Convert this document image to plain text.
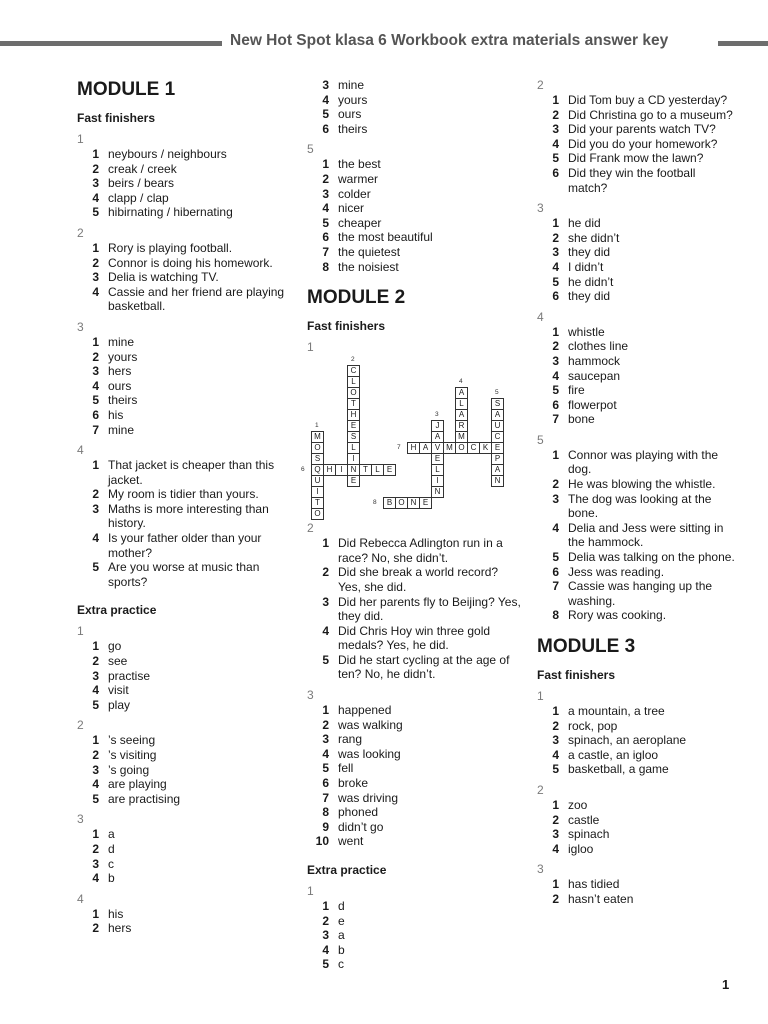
New Hot Spot klasa 6 Workbook extra materials answer key
MODULE 1
Fast finishers
1
1 neybours / neighbours
2 creak / creek
3 beirs / bears
4 clapp / clap
5 hibirnating / hibernating
2
1 Rory is playing football.
2 Connor is doing his homework.
3 Delia is watching TV.
4 Cassie and her friend are playing basketball.
3
1 mine
2 yours
3 hers
4 ours
5 theirs
6 his
7 mine
4
1 That jacket is cheaper than this jacket.
2 My room is tidier than yours.
3 Maths is more interesting than history.
4 Is your father older than your mother?
5 Are you worse at music than sports?
Extra practice
1
1 go
2 see
3 practise
4 visit
5 play
2
1 ’s seeing
2 ’s visiting
3 ’s going
4 are playing
5 are practising
3
1 a
2 d
3 c
4 b
4
1 his
2 hers
3 mine
4 yours
5 ours
6 theirs
5
1 the best
2 warmer
3 colder
4 nicer
5 cheaper
6 the most beautiful
7 the quietest
8 the noisiest
MODULE 2
Fast finishers
1
C
L
O
T
H
E
S
L
I
N
E
2
A
L
A
R
M
4
S
A
U
C
E
P
A
N
5
J
A
V
E
L
I
N
3
M
O
S
Q
U
I
T
O
1
H A	M O C K
7
H I	T L E
6
B O N E
8
2
1 Did Rebecca Adlington run in a race? No, she didn’t.
2 Did she break a world record? Yes, she did.
3 Did her parents fly to Beijing? Yes, they did.
4 Did Chris Hoy win three gold medals? Yes, he did.
5 Did he start cycling at the age of ten? No, he didn’t.
3
1 happened
2 was walking
3 rang
4 was looking
5 fell
6 broke
7 was driving
8 phoned
9 didn’t go
10 went
Extra practice
1
1 d
2 e
3 a
4 b
5 c
2
1 Did Tom buy a CD yesterday?
2 Did Christina go to a museum?
3 Did your parents watch TV?
4 Did you do your homework?
5 Did Frank mow the lawn?
6 Did they win the football match?
3
1 he did
2 she didn’t
3 they did
4 I didn’t
5 he didn’t
6 they did
4
1 whistle
2 clothes line
3 hammock
4 saucepan
5 fire
6 flowerpot
7 bone
5
1 Connor was playing with the dog.
2 He was blowing the whistle.
3 The dog was looking at the bone.
4 Delia and Jess were sitting in the hammock.
5 Delia was talking on the phone.
6 Jess was reading.
7 Cassie was hanging up the washing.
8 Rory was cooking.
MODULE 3
Fast finishers
1
1 a mountain, a tree
2 rock, pop
3 spinach, an aeroplane
4 a castle, an igloo
5 basketball, a game
2
1 zoo
2 castle
3 spinach
4 igloo
3
1 has tidied
2 hasn’t eaten
1
